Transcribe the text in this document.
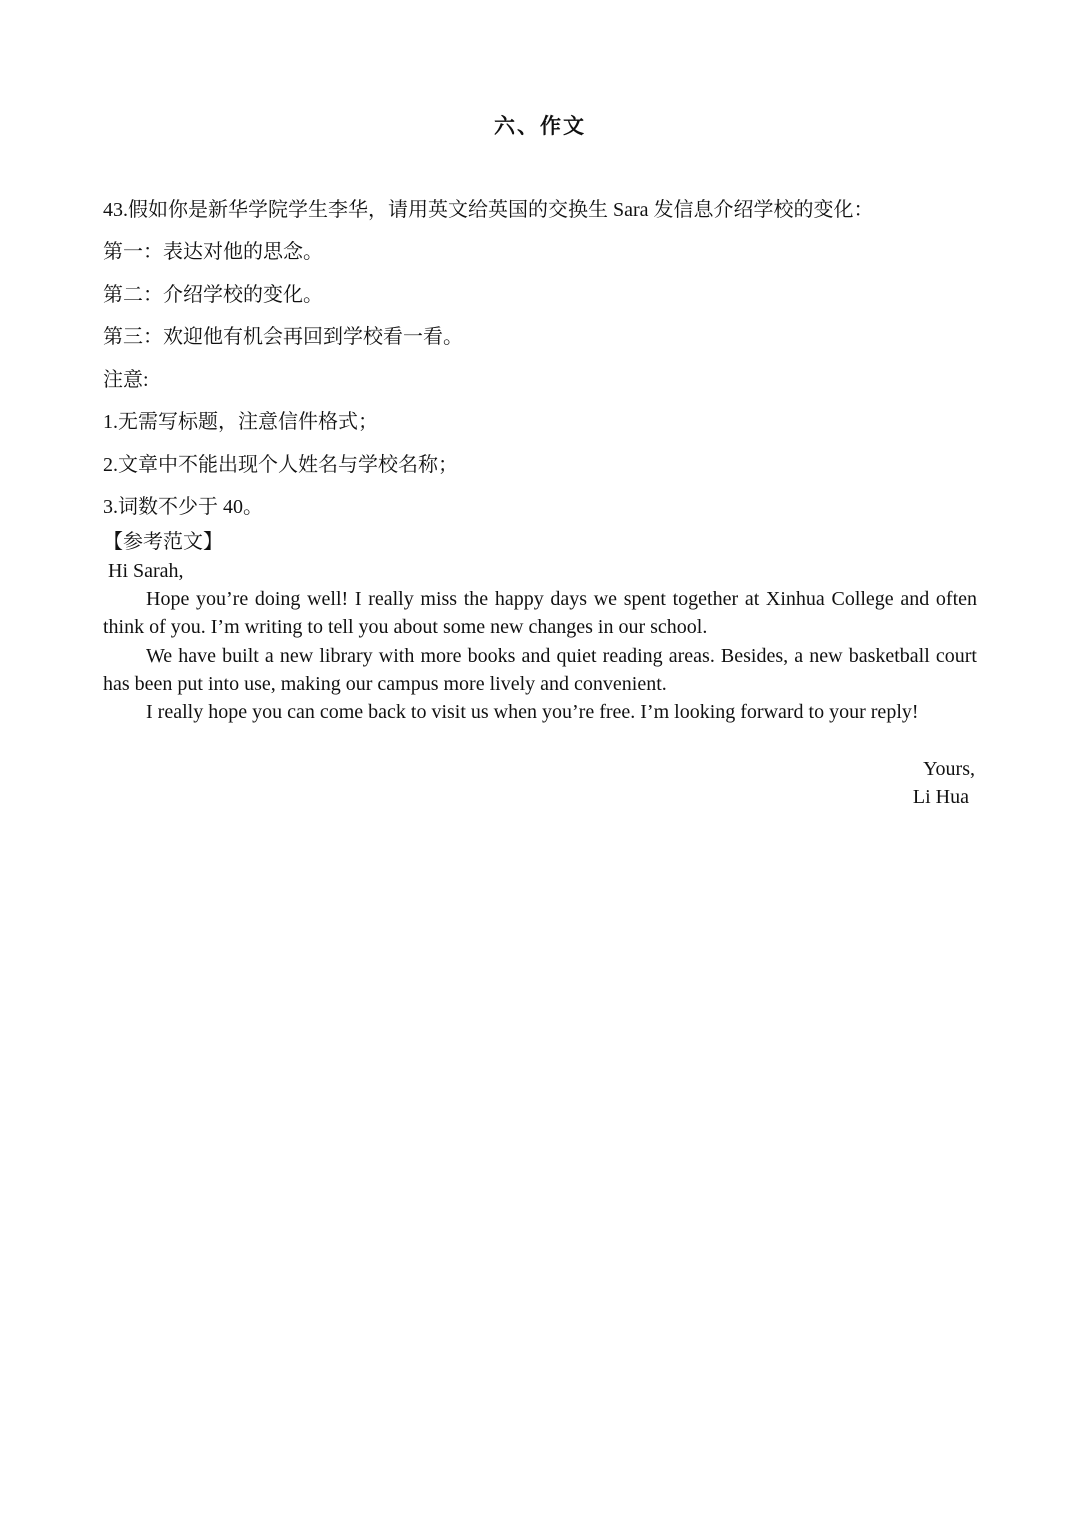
六、作文
43.假如你是新华学院学生李华，请用英文给英国的交换生 Sara 发信息介绍学校的变化：
第一：表达对他的思念。
第二：介绍学校的变化。
第三：欢迎他有机会再回到学校看一看。
注意:
1.无需写标题，注意信件格式；
2.文章中不能出现个人姓名与学校名称；
3.词数不少于 40。
【参考范文】
Hi Sarah,
Hope you’re doing well! I really miss the happy days we spent together at Xinhua College and often think of you. I’m writing to tell you about some new changes in our school.
We have built a new library with more books and quiet reading areas. Besides, a new basketball court has been put into use, making our campus more lively and convenient.
I really hope you can come back to visit us when you’re free. I’m looking forward to your reply!
Yours,
Li Hua
